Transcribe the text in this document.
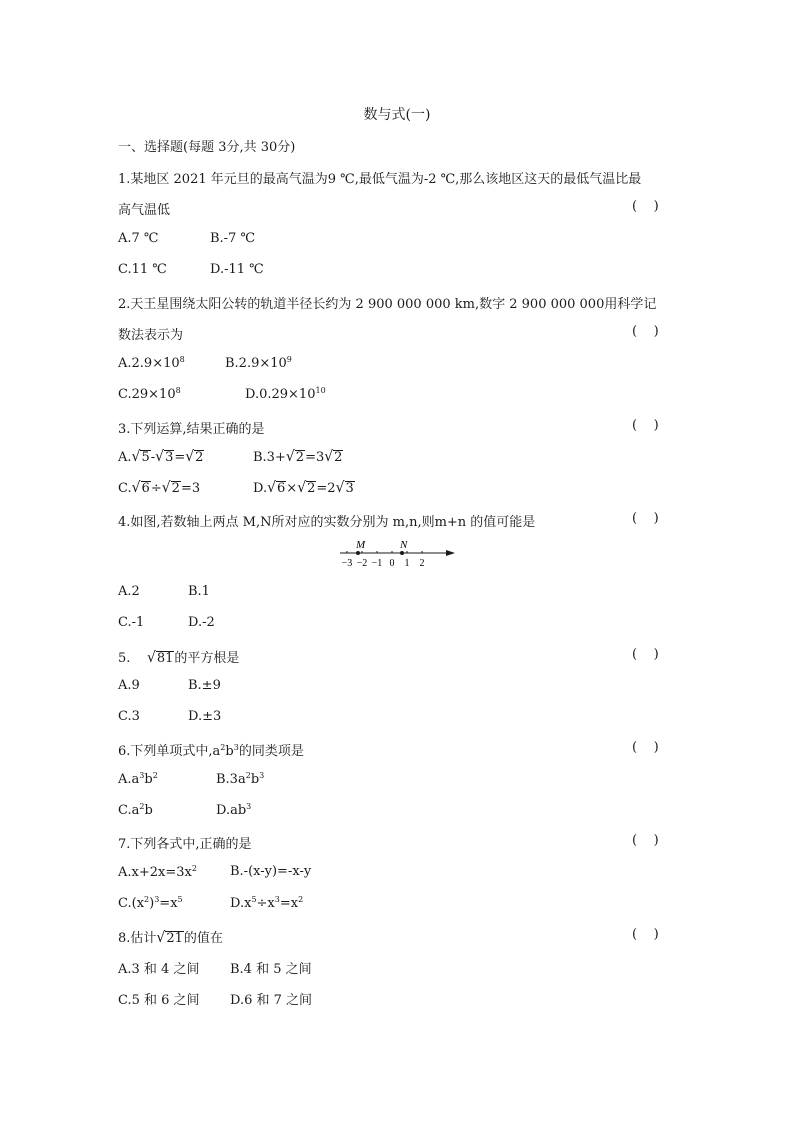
数与式(一)
一、选择题(每题 3分,共 30分)
1.某地区 2021 年元旦的最高气温为9 ℃,最低气温为-2 ℃,那么该地区这天的最低气温比最
高气温低	(    )
A.7 ℃	B.-7 ℃
C.11 ℃	D.-11 ℃
2.天王星围绕太阳公转的轨道半径长约为 2 900 000 000 km,数字 2 900 000 000用科学记
数法表示为	(    )
$A.2.9\times 10^8$	$B.2.9\times 10^9$
$C.29\times 10^8$	$D.0.29\times 10^{10}$
3.下列运算,结果正确的是	(    )
A.√5-√3=√2	B.3+√2=3√2
C.√6÷√2=3	D.√6×√2=2√3
4.如图,若数轴上两点 M,N所对应的实数分别为 m,n,则m+n 的值可能是	(    )
−3 −2 −1 0 1 2
M	N
A.2	B.1
C.-1	D.-2
5. √81的平方根是	(    )
A.9	B.±9
C.3	D.±3
6.下列单项式中$,a^2b^3$的同类项是	(    )
$A.a^3b^2$	$B.3a^2b^3$
$C.a^2b$	$D.ab^3$
7.下列各式中,正确的是	(    )
$A.x+2x=3x^2$	B.-(x-y)=-x-y
$C.(x^2)^3=x^5$	$D.x^5\div x^3=x^2$
8.估计√21的值在	(    )
A.3 和 4 之间 B.4 和 5 之间
C.5 和 6 之间 D.6 和 7 之间
